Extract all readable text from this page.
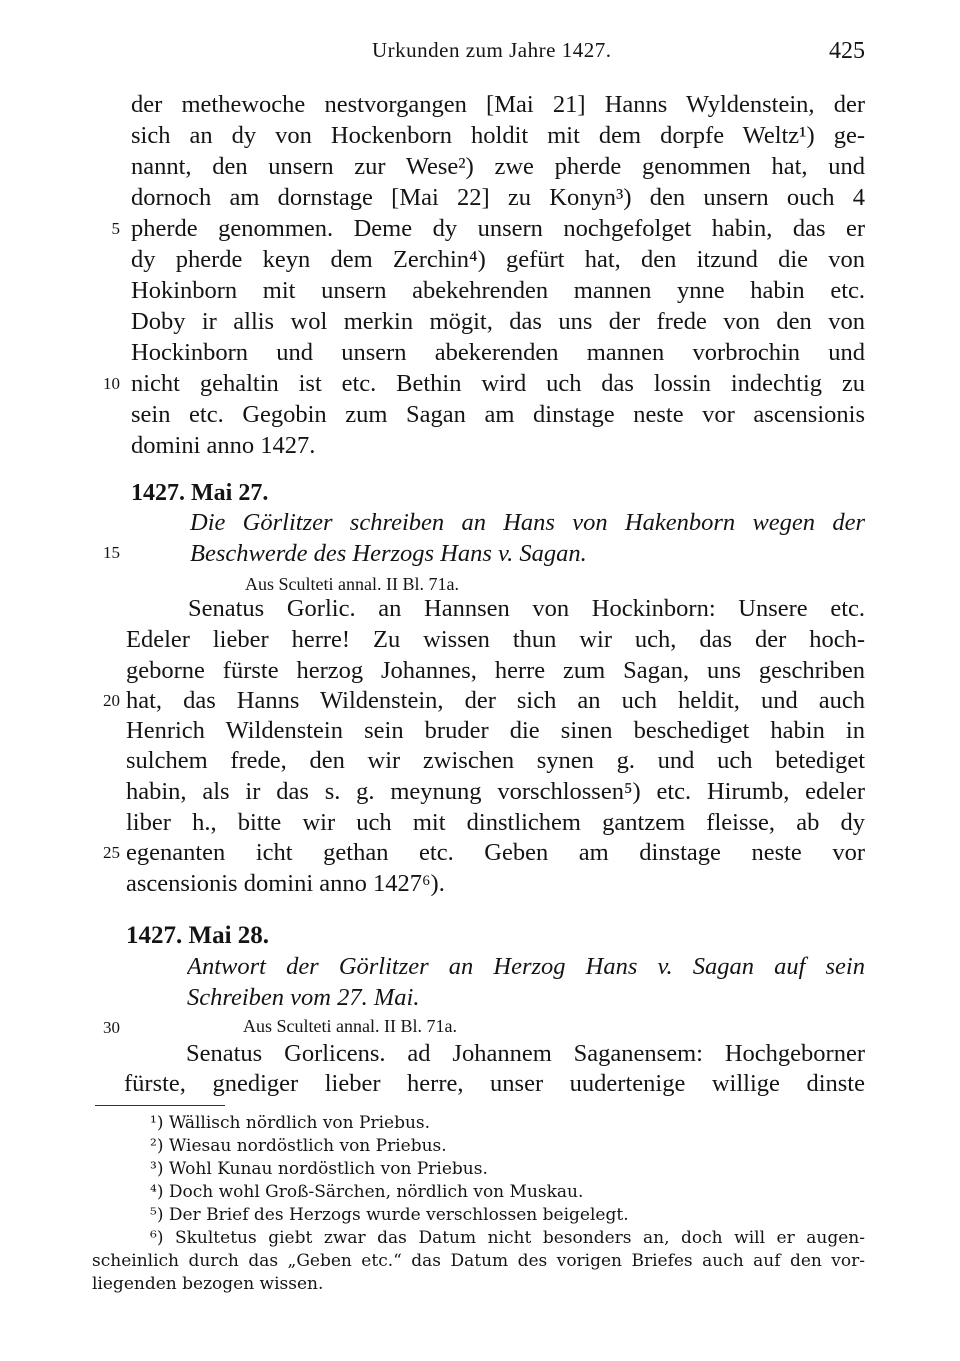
Urkunden zum Jahre 1427.	425
der methewoche nestvorgangen [Mai 21] Hanns Wyldenstein, der
sich an dy von Hockenborn holdit mit dem dorpfe Weltz¹) ge-
nannt, den unsern zur Wese²) zwe pherde genommen hat, und
dornoch am dornstage [Mai 22] zu Konyn³) den unsern ouch 4
pherde genommen. Deme dy unsern nochgefolget habin, das er
dy pherde keyn dem Zerchin⁴) gefürt hat, den itzund die von
Hokinborn mit unsern abekehrenden mannen ynne habin etc.
Doby ir allis wol merkin mögit, das uns der frede von den von
Hockinborn und unsern abekerenden mannen vorbrochin und
nicht gehaltin ist etc. Bethin wird uch das lossin indechtig zu
sein etc. Gegobin zum Sagan am dinstage neste vor ascensionis
domini anno 1427.
5
10
15
20
25
30
1427. Mai 27.
Die Görlitzer schreiben an Hans von Hakenborn wegen der
Beschwerde des Herzogs Hans v. Sagan.
Aus Sculteti annal. II Bl. 71a.
Senatus Gorlic. an Hannsen von Hockinborn: Unsere etc.
Edeler lieber herre! Zu wissen thun wir uch, das der hoch-
geborne fürste herzog Johannes, herre zum Sagan, uns geschriben
hat, das Hanns Wildenstein, der sich an uch heldit, und auch
Henrich Wildenstein sein bruder die sinen beschediget habin in
sulchem frede, den wir zwischen synen g. und uch betediget
habin, als ir das s. g. meynung vorschlossen⁵) etc. Hirumb, edeler
liber h., bitte wir uch mit dinstlichem gantzem fleisse, ab dy
egenanten icht gethan etc. Geben am dinstage neste vor
ascensionis domini anno 1427⁶).
1427. Mai 28.
Antwort der Görlitzer an Herzog Hans v. Sagan auf sein
Schreiben vom 27. Mai.
Aus Sculteti annal. II Bl. 71a.
Senatus Gorlicens. ad Johannem Saganensem: Hochgeborner
fürste, gnediger lieber herre, unser uudertenige willige dinste
¹) Wällisch nördlich von Priebus.
²) Wiesau nordöstlich von Priebus.
³) Wohl Kunau nordöstlich von Priebus.
⁴) Doch wohl Groß-Särchen, nördlich von Muskau.
⁵) Der Brief des Herzogs wurde verschlossen beigelegt.
⁶) Skultetus giebt zwar das Datum nicht besonders an, doch will er augen-
scheinlich durch das „Geben etc.“ das Datum des vorigen Briefes auch auf den vor-
liegenden bezogen wissen.
